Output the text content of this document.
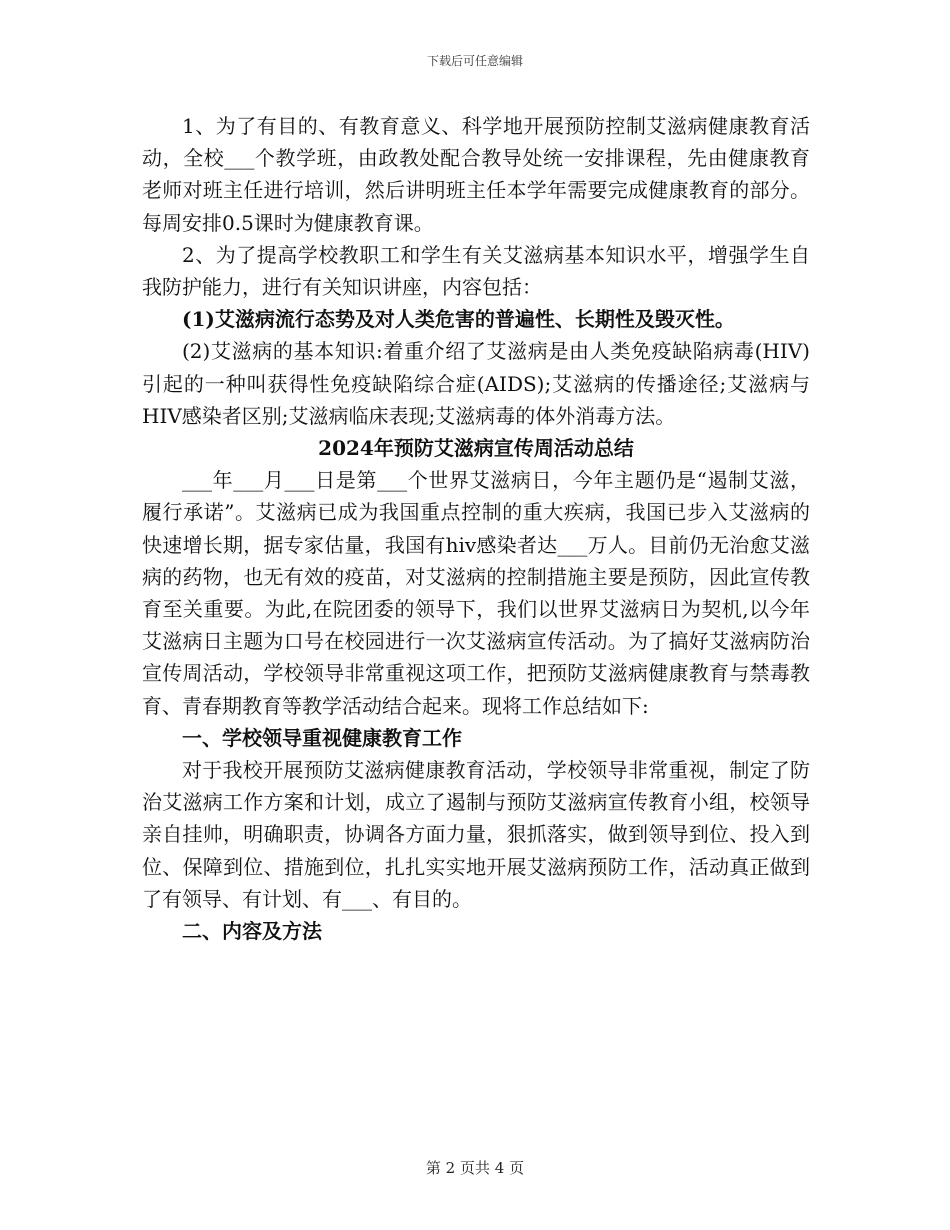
下载后可任意编辑

1、为了有目的、有教育意义、科学地开展预防控制艾滋病健康教育活动，全校___个教学班，由政教处配合教导处统一安排课程，先由健康教育老师对班主任进行培训，然后讲明班主任本学年需要完成健康教育的部分。每周安排0.5课时为健康教育课。

2、为了提高学校教职工和学生有关艾滋病基本知识水平，增强学生自我防护能力，进行有关知识讲座，内容包括：

(1)艾滋病流行态势及对人类危害的普遍性、长期性及毁灭性。

(2)艾滋病的基本知识:着重介绍了艾滋病是由人类免疫缺陷病毒(HIV)引起的一种叫获得性免疫缺陷综合症(AIDS);艾滋病的传播途径;艾滋病与HIV感染者区别;艾滋病临床表现;艾滋病毒的体外消毒方法。

2024年预防艾滋病宣传周活动总结

___年___月___日是第___个世界艾滋病日，今年主题仍是“遏制艾滋，履行承诺”。艾滋病已成为我国重点控制的重大疾病，我国已步入艾滋病的快速增长期，据专家估量，我国有hiv感染者达___万人。目前仍无治愈艾滋病的药物，也无有效的疫苗，对艾滋病的控制措施主要是预防，因此宣传教育至关重要。为此,在院团委的领导下，我们以世界艾滋病日为契机,以今年艾滋病日主题为口号在校园进行一次艾滋病宣传活动。为了搞好艾滋病防治宣传周活动，学校领导非常重视这项工作，把预防艾滋病健康教育与禁毒教育、青春期教育等教学活动结合起来。现将工作总结如下:

一、学校领导重视健康教育工作

对于我校开展预防艾滋病健康教育活动，学校领导非常重视，制定了防治艾滋病工作方案和计划，成立了遏制与预防艾滋病宣传教育小组，校领导亲自挂帅，明确职责，协调各方面力量，狠抓落实，做到领导到位、投入到位、保障到位、措施到位，扎扎实实地开展艾滋病预防工作，活动真正做到了有领导、有计划、有___、有目的。

二、内容及方法

第 2 页共 4 页
